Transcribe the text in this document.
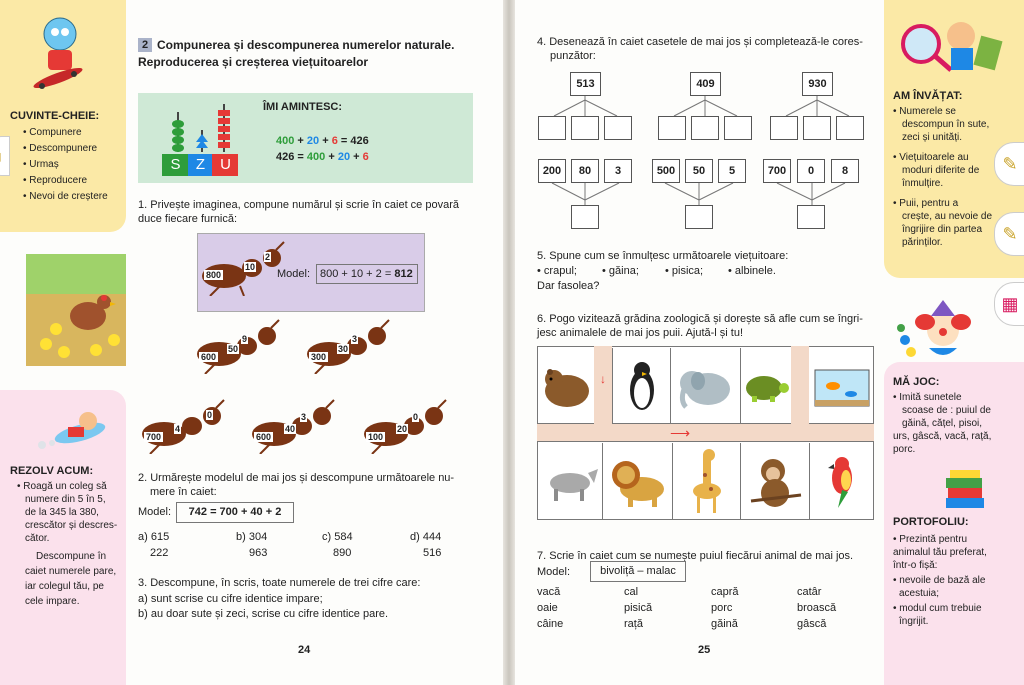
CUVINTE-CHEIE:
• Compunere
• Descompunere
• Urmaș
• Reproducere
• Nevoi de creștere
REZOLV ACUM:
• Roagă un coleg să
numere din 5 în 5,
de la 345 la 380,
crescător și descres-
cător.
Descompune în
caiet numerele pare,
iar colegul tău, pe
cele impare.
2 Compunerea și descompunerea numerelor naturale.
Reproducerea și creșterea viețuitoarelor
S	Z	U
ÎMI AMINTESC:
400 + 20 + 6 = 426
426 = 400 + 20 + 6
1. Privește imaginea, compune numărul și scrie în caiet ce povară
duce fiecare furnică:
800
10
2
Model: 800 + 10 + 2 = 812
600
50
9
300
30
3
700
4
0
600
40
3
100
20
0
2. Urmărește modelul de mai jos și descompune următoarele nu-
mere în caiet:
Model:	742 = 700 + 40 + 2
a) 615
222
b) 304
963
c) 584
890
d) 444
516
3. Descompune, în scris, toate numerele de trei cifre care:
a) sunt scrise cu cifre identice impare;
b) au doar sute și zeci, scrise cu cifre identice pare.
24
4. Desenează în caiet casetele de mai jos și completează-le cores-
punzător:
513	409	930
200	80	3	500	50	5	700	0	8
5. Spune cum se înmulțesc următoarele viețuitoare:
• crapul; • găina; • pisica; • albinele.
Dar fasolea?
6. Pogo vizitează grădina zoologică și dorește să afle cum se îngri-
jesc animalele de mai jos puii. Ajută-l și tu!
↓
⟶
7. Scrie în caiet cum se numește puiul fiecărui animal de mai jos.
Model:	bivoliță – malac
vacă	cal	capră	catâr
oaie	pisică	porc	broască
câine	rață	găină	gâscă
25
AM ÎNVĂȚAT:
• Numerele se
descompun în sute,
zeci și unități.
• Viețuitoarele au
moduri diferite de
înmulțire.
• Puii, pentru a
crește, au nevoie de
îngrijire din partea
părinților.
MĂ JOC:
• Imită sunetele
scoase de : puiul de
găină, cățel, pisoi,
urs, gâscă, vacă, rață,
porc.
PORTOFOLIU:
• Prezintă pentru
animalul tău preferat,
într-o fișă:
• nevoile de bază ale
acestuia;
• modul cum trebuie
îngrijit.
✎
✎
▦
